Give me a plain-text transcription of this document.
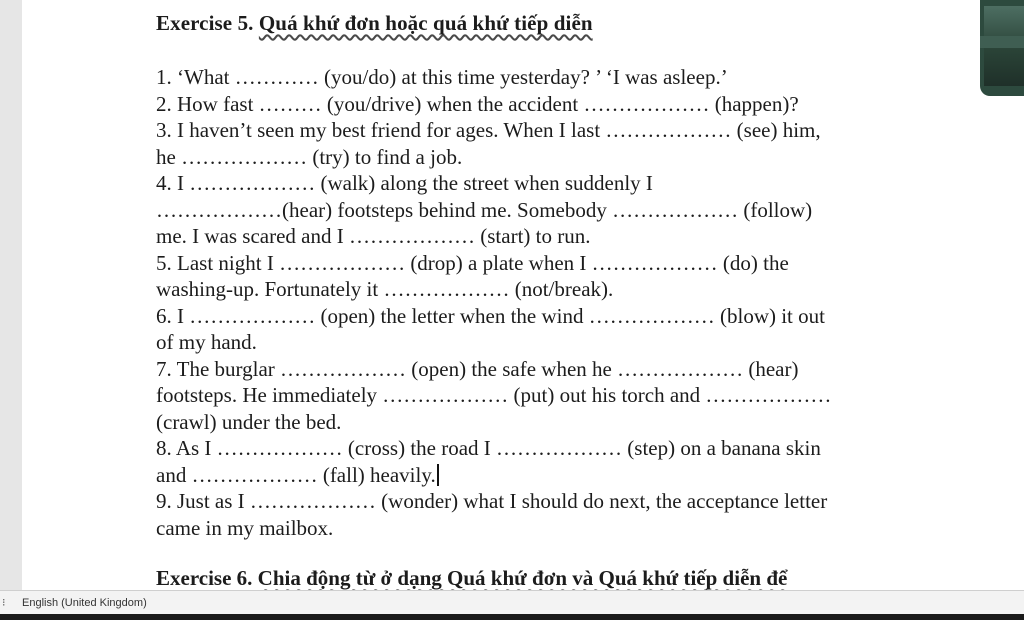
Exercise 5. Quá khứ đơn hoặc quá khứ tiếp diễn
1. ‘What ………… (you/do) at this time yesterday? ’ ‘I was asleep.’
2. How fast ……… (you/drive) when the accident ……………… (happen)?
3. I haven’t seen my best friend for ages. When I last ……………… (see) him,
he ……………… (try) to find a job.
4. I ……………… (walk) along the street when suddenly I
………………(hear) footsteps behind me. Somebody ……………… (follow)
me. I was scared and I ……………… (start) to run.
5. Last night I ……………… (drop) a plate when I ……………… (do) the
washing-up. Fortunately it ……………… (not/break).
6. I ……………… (open) the letter when the wind ……………… (blow) it out
of my hand.
7. The burglar ……………… (open) the safe when he ……………… (hear)
footsteps. He immediately ……………… (put) out his torch and ………………
(crawl) under the bed.
8. As I ……………… (cross) the road I ……………… (step) on a banana skin
and ……………… (fall) heavily.
9. Just as I ……………… (wonder) what I should do next, the acceptance letter
came in my mailbox.
Exercise 6. Chia động từ ở dạng Quá khứ đơn và Quá khứ tiếp diễn để
⁝ English (United Kingdom)
